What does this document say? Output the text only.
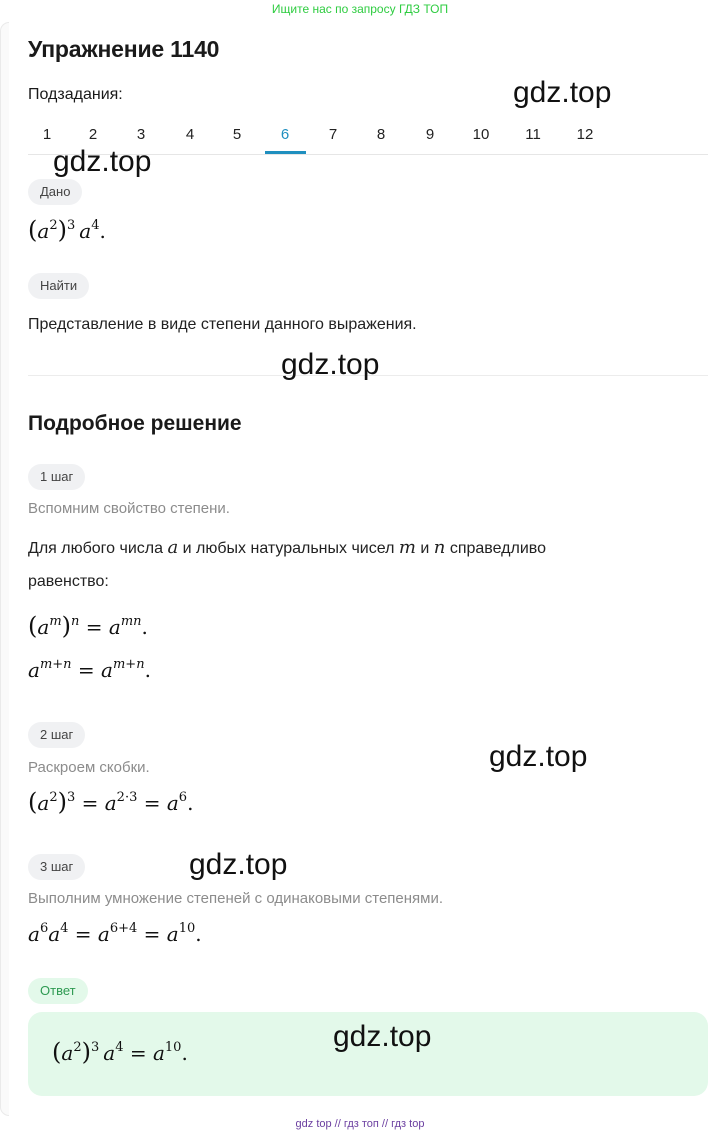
Ищите нас по запросу ГДЗ ТОП
Упражнение 1140
Подзадания:
1	2	3	4	5	6	7	8	9	10 11 12
Дано
$(a^2)^3$  $a^4$.
Найти
Представление в виде степени данного выражения.
Подробное решение
1 шаг
Вспомним свойство степени.
Для любого числа a и любых натуральных чисел m и n справедливо
равенство:
$(a^m)^n = a^{mn}$.
$a^{m+n} = a^{m+n}$.
2 шаг
Раскроем скобки.
$(a^2)^3 = a^{2\cdot 3} = a^6$.
3 шаг
Выполним умножение степеней с одинаковыми степенями.
$a^6a^4 = a^{6+4} = a^{10}$.
Ответ
$(a^2)^3$  $a^4 = a^{10}$.
gdz.top
gdz.top
gdz.top
gdz.top
gdz.top
gdz.top
gdz top // гдз топ // гдз top
